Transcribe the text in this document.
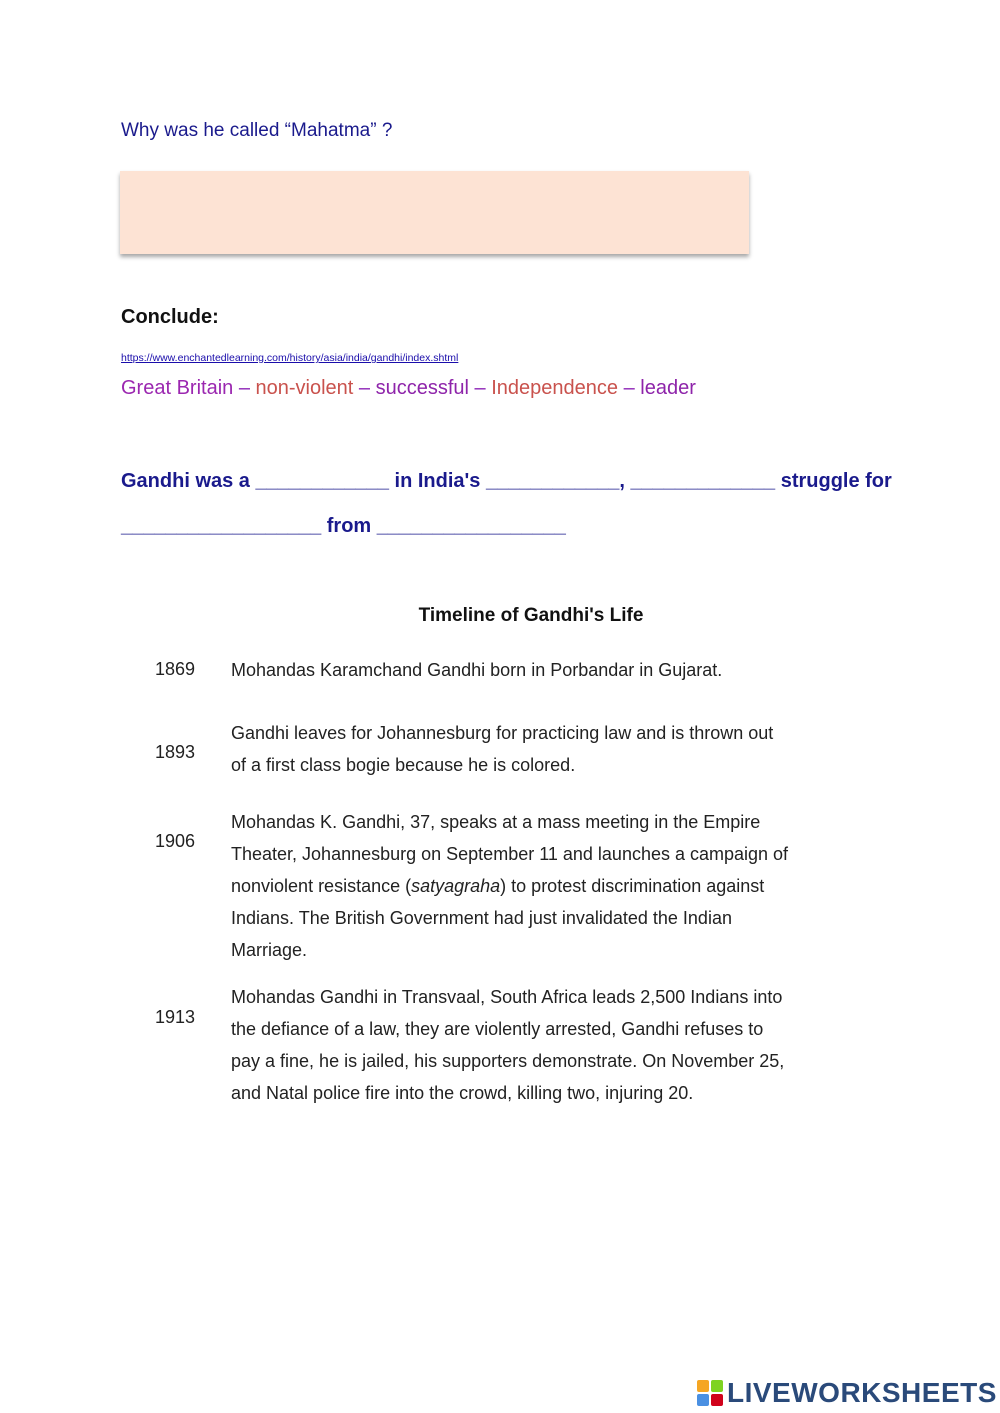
Why was he called “Mahatma” ?
Conclude:
https://www.enchantedlearning.com/history/asia/india/gandhi/index.shtml
Great Britain – non-violent – successful – Independence – leader
Gandhi was a ____________ in India's ____________, _____________ struggle for
__________________ from _________________
Timeline of Gandhi's Life
1869 Mohandas Karamchand Gandhi born in Porbandar in Gujarat.
1893
Gandhi leaves for Johannesburg for practicing law and is thrown out of a first class bogie because he is colored.
1906
Mohandas K. Gandhi, 37, speaks at a mass meeting in the Empire Theater, Johannesburg on September 11 and launches a campaign of nonviolent resistance (satyagraha) to protest discrimination against Indians. The British Government had just invalidated the Indian Marriage.
1913
Mohandas Gandhi in Transvaal, South Africa leads 2,500 Indians into the defiance of a law, they are violently arrested, Gandhi refuses to pay a fine, he is jailed, his supporters demonstrate. On November 25, and Natal police fire into the crowd, killing two, injuring 20.
LIVEWORKSHEETS
